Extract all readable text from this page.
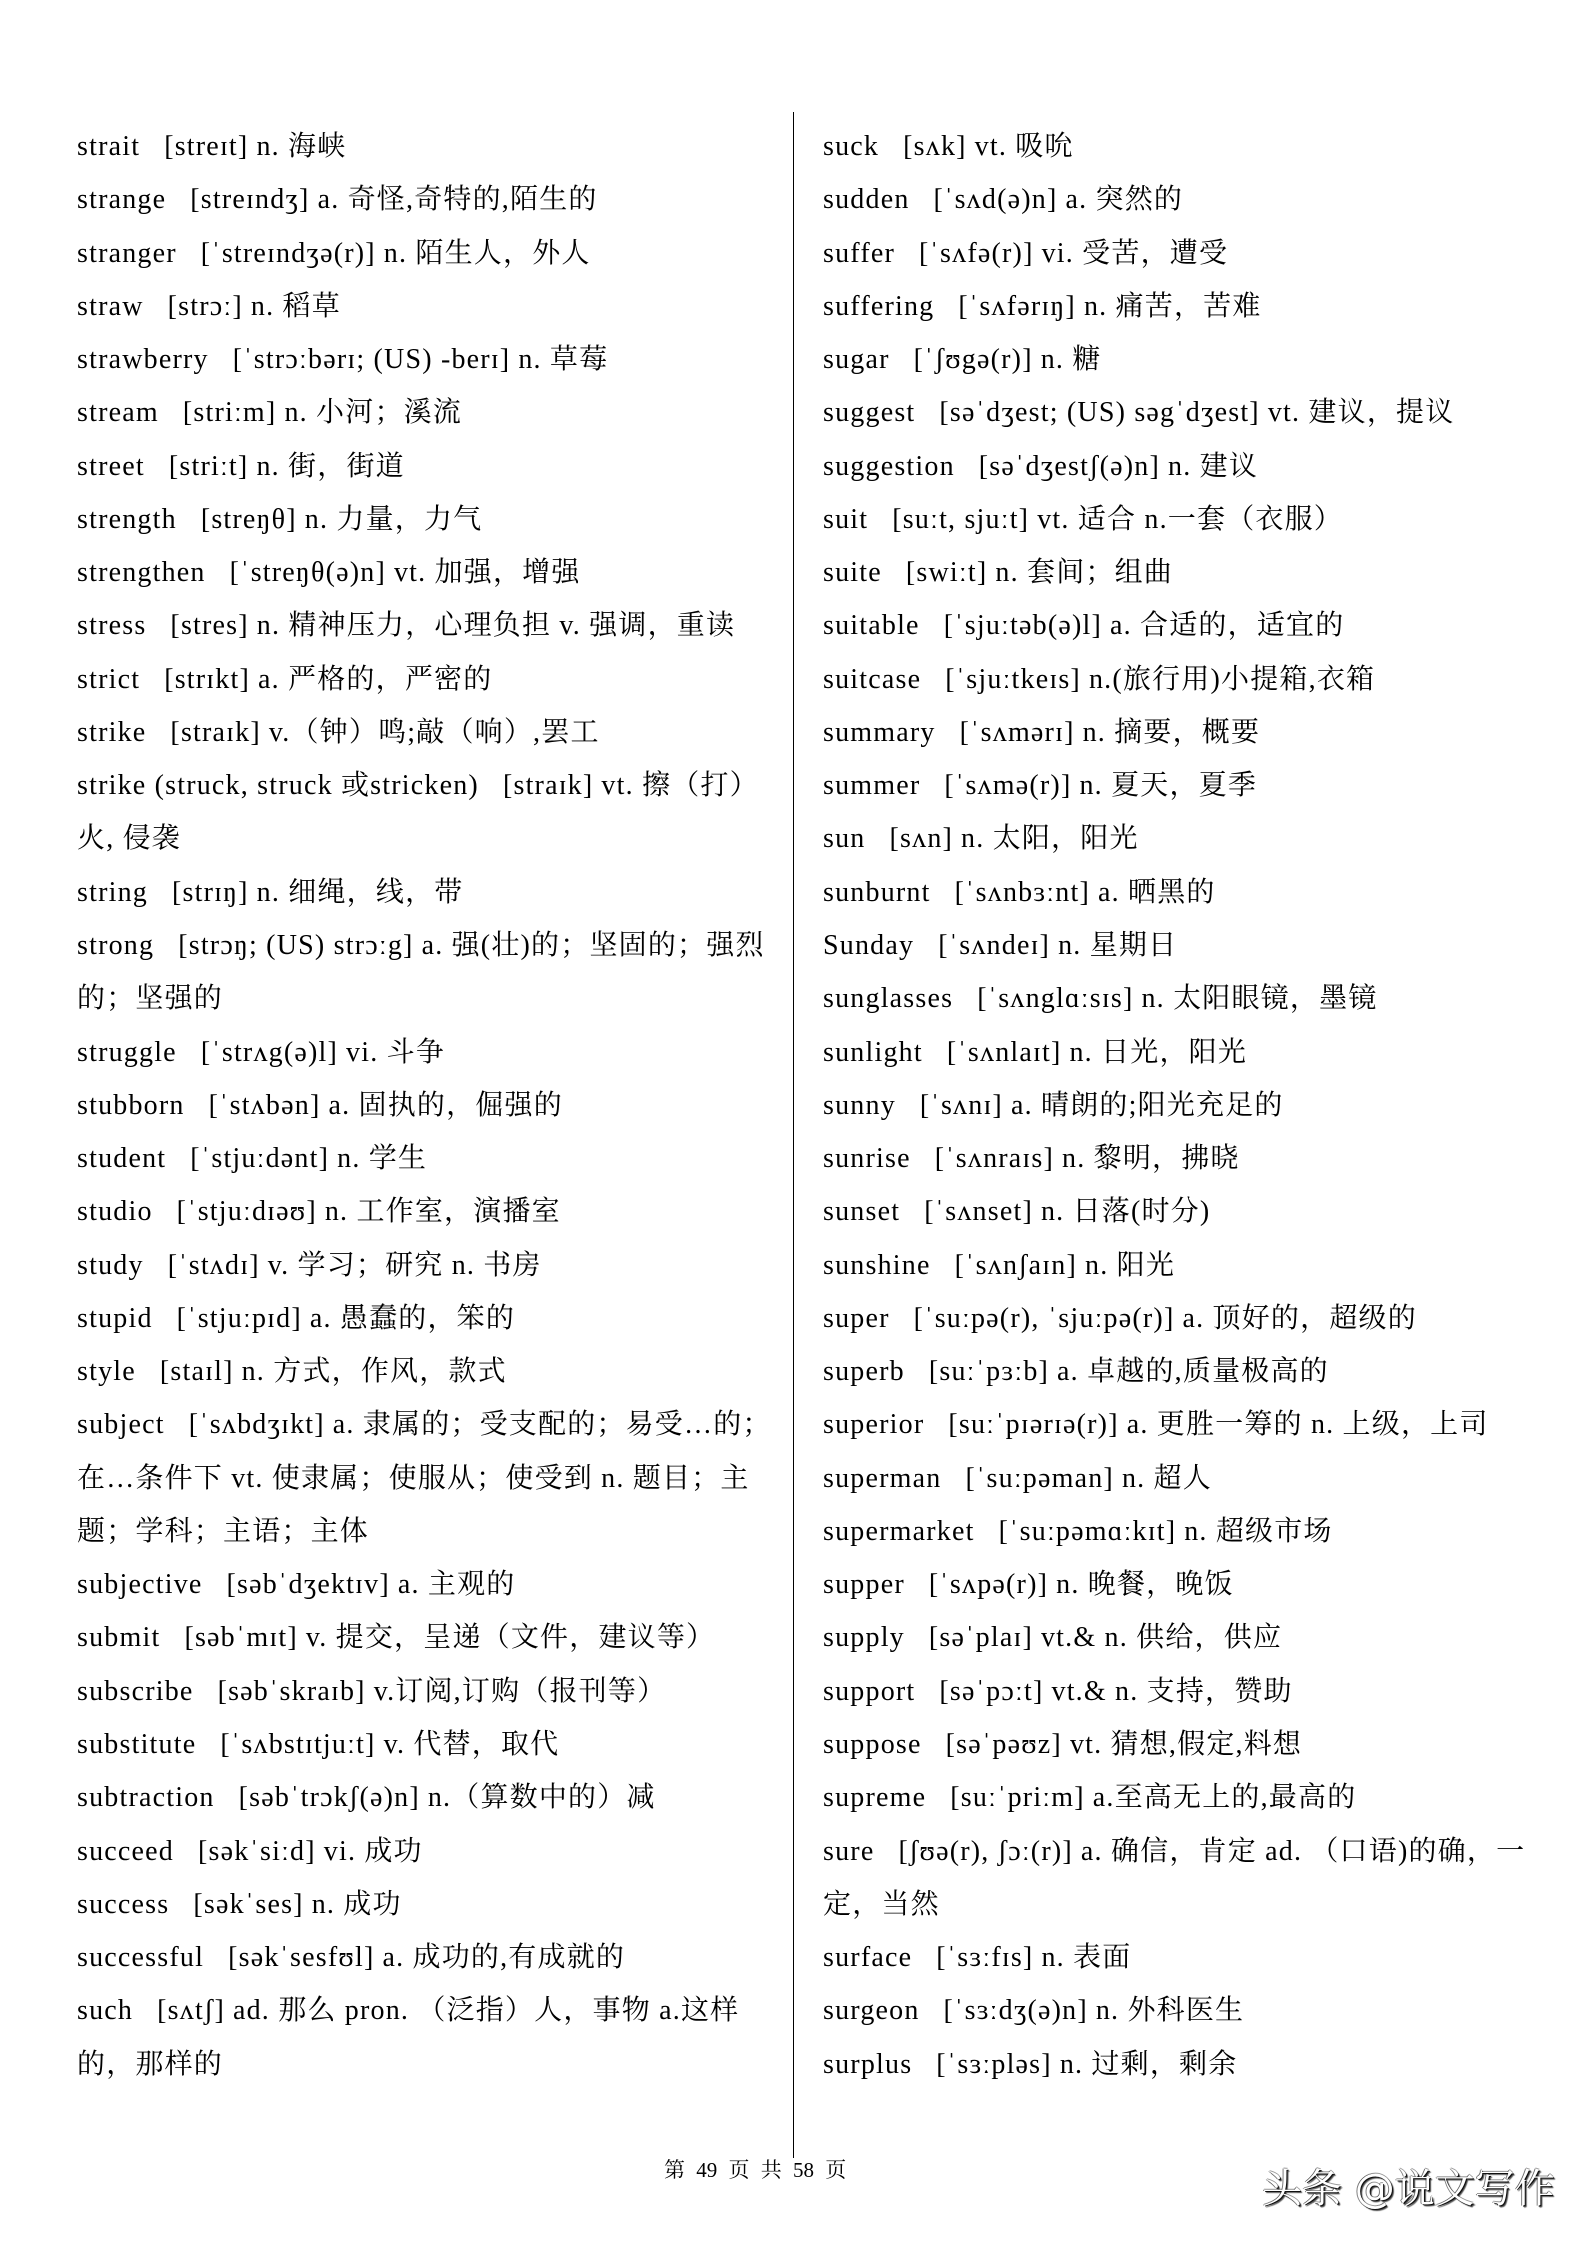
strait [streɪt] n. 海峡
strange [streɪndʒ] a. 奇怪,奇特的,陌生的
stranger [ˈstreɪndʒə(r)] n. 陌生人，外人
straw [strɔː] n. 稻草
strawberry [ˈstrɔːbərɪ; (US) -berɪ] n. 草莓
stream [striːm] n. 小河；溪流
street [striːt] n. 街，街道
strength [streŋθ] n. 力量，力气
strengthen [ˈstreŋθ(ə)n] vt. 加强，增强
stress [stres] n. 精神压力，心理负担 v. 强调，重读
strict [strɪkt] a. 严格的，严密的
strike [straɪk] v.（钟）鸣;敲（响）,罢工
strike (struck, struck 或stricken) [straɪk] vt. 擦（打）火, 侵袭
string [strɪŋ] n. 细绳，线，带
strong [strɔŋ; (US) strɔːg] a. 强(壮)的；坚固的；强烈的；坚强的
struggle [ˈstrʌg(ə)l] vi. 斗争
stubborn [ˈstʌbən] a. 固执的，倔强的
student [ˈstjuːdənt] n. 学生
studio [ˈstjuːdɪəʊ] n. 工作室，演播室
study [ˈstʌdɪ] v. 学习；研究 n. 书房
stupid [ˈstjuːpɪd] a. 愚蠢的，笨的
style [staɪl] n. 方式，作风，款式
subject [ˈsʌbdʒɪkt] a. 隶属的；受支配的；易受…的；在…条件下 vt. 使隶属；使服从；使受到 n. 题目；主题；学科；主语；主体
subjective [səbˈdʒektɪv] a. 主观的
submit [səbˈmɪt] v. 提交，呈递（文件，建议等）
subscribe [səbˈskraɪb] v.订阅,订购（报刊等）
substitute [ˈsʌbstɪtjuːt] v. 代替，取代
subtraction [səbˈtrɔkʃ(ə)n] n.（算数中的）减
succeed [səkˈsiːd] vi. 成功
success [səkˈses] n. 成功
successful [səkˈsesfʊl] a. 成功的,有成就的
such [sʌtʃ] ad. 那么 pron. （泛指）人，事物 a.这样的，那样的
suck [sʌk] vt. 吸吮
sudden [ˈsʌd(ə)n] a. 突然的
suffer [ˈsʌfə(r)] vi. 受苦，遭受
suffering [ˈsʌfərɪŋ] n. 痛苦，苦难
sugar [ˈʃʊgə(r)] n. 糖
suggest [səˈdʒest; (US) səgˈdʒest] vt. 建议，提议
suggestion [səˈdʒestʃ(ə)n] n. 建议
suit [suːt, sjuːt] vt. 适合 n.一套（衣服）
suite [swiːt] n. 套间；组曲
suitable [ˈsjuːtəb(ə)l] a. 合适的，适宜的
suitcase [ˈsjuːtkeɪs] n.(旅行用)小提箱,衣箱
summary [ˈsʌmərɪ] n. 摘要，概要
summer [ˈsʌmə(r)] n. 夏天，夏季
sun [sʌn] n. 太阳，阳光
sunburnt [ˈsʌnbɜːnt] a. 晒黑的
Sunday [ˈsʌndeɪ] n. 星期日
sunglasses [ˈsʌnglɑːsɪs] n. 太阳眼镜，墨镜
sunlight [ˈsʌnlaɪt] n. 日光，阳光
sunny [ˈsʌnɪ] a. 晴朗的;阳光充足的
sunrise [ˈsʌnraɪs] n. 黎明，拂晓
sunset [ˈsʌnset] n. 日落(时分)
sunshine [ˈsʌnʃaɪn] n. 阳光
super [ˈsuːpə(r), ˈsjuːpə(r)] a. 顶好的，超级的
superb [suːˈpɜːb] a. 卓越的,质量极高的
superior [suːˈpɪərɪə(r)] a. 更胜一筹的 n. 上级，上司
superman [ˈsuːpəman] n. 超人
supermarket [ˈsuːpəmɑːkɪt] n. 超级市场
supper [ˈsʌpə(r)] n. 晚餐，晚饭
supply [səˈplaɪ] vt.& n. 供给，供应
support [səˈpɔːt] vt.& n. 支持，赞助
suppose [səˈpəʊz] vt. 猜想,假定,料想
supreme [suːˈpriːm] a.至高无上的,最高的
sure [ʃʊə(r), ʃɔː(r)] a. 确信，肯定 ad. （口语)的确，一定，当然
surface [ˈsɜːfɪs] n. 表面
surgeon [ˈsɜːdʒ(ə)n] n. 外科医生
surplus [ˈsɜːpləs] n. 过剩，剩余
第 49 页 共 58 页	头条 @说文写作
